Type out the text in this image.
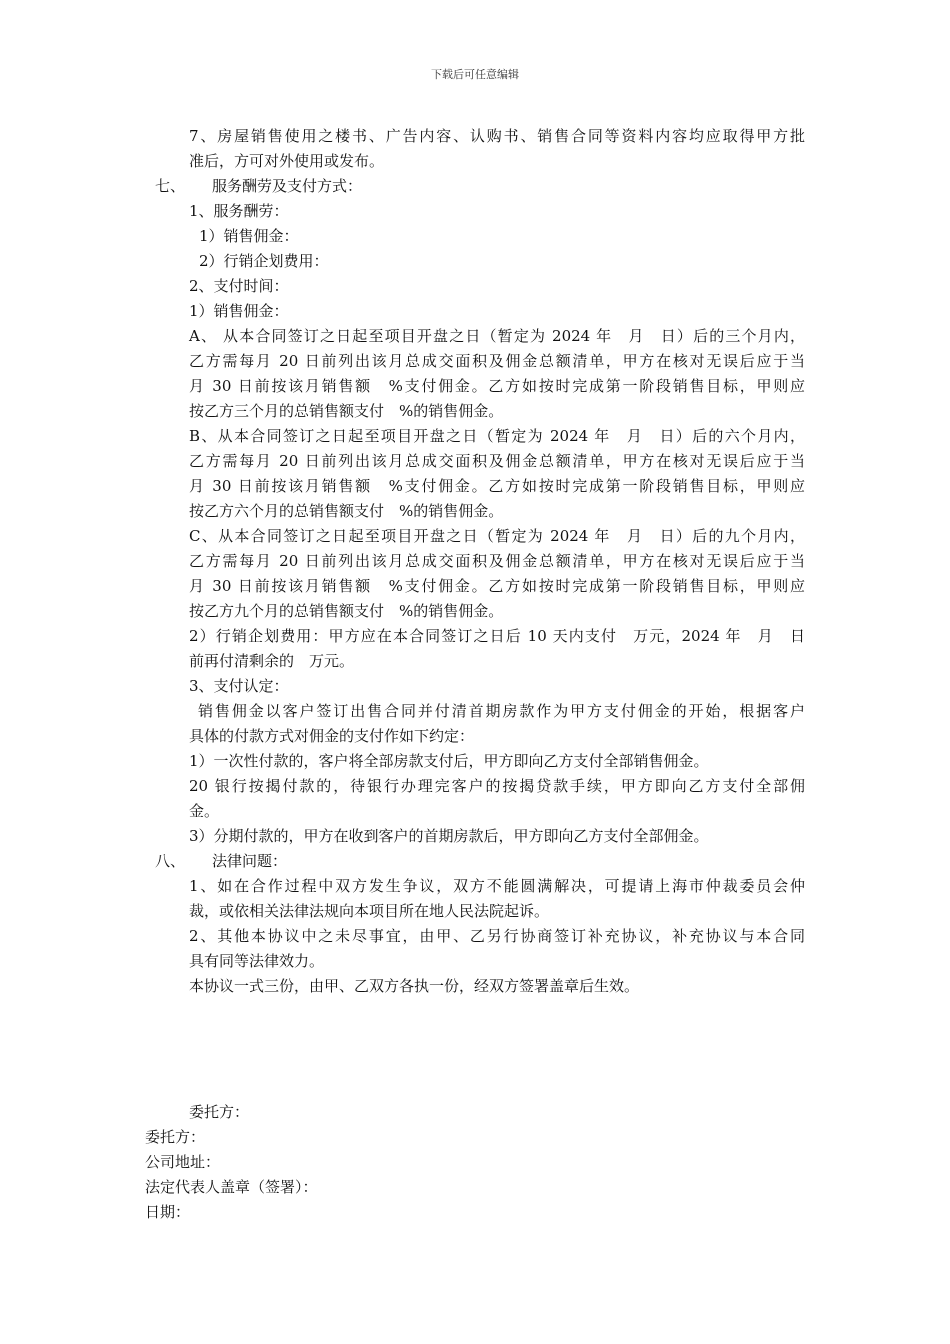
下载后可任意编辑
7、房屋销售使用之楼书、广告内容、认购书、销售合同等资料内容均应取得甲方批
准后，方可对外使用或发布。
七、 服务酬劳及支付方式：
1、服务酬劳：
1）销售佣金：
2）行销企划费用：
2、支付时间：
1）销售佣金：
A、 从本合同签订之日起至项目开盘之日（暂定为 2024 年　月　日）后的三个月内，
乙方需每月 20 日前列出该月总成交面积及佣金总额清单，甲方在核对无误后应于当
月 30 日前按该月销售额　%支付佣金。乙方如按时完成第一阶段销售目标，甲则应
按乙方三个月的总销售额支付　%的销售佣金。
B、从本合同签订之日起至项目开盘之日（暂定为 2024 年　月　日）后的六个月内，
乙方需每月 20 日前列出该月总成交面积及佣金总额清单，甲方在核对无误后应于当
月 30 日前按该月销售额　%支付佣金。乙方如按时完成第一阶段销售目标，甲则应
按乙方六个月的总销售额支付　%的销售佣金。
C、从本合同签订之日起至项目开盘之日（暂定为 2024 年　月　日）后的九个月内，
乙方需每月 20 日前列出该月总成交面积及佣金总额清单，甲方在核对无误后应于当
月 30 日前按该月销售额　%支付佣金。乙方如按时完成第一阶段销售目标，甲则应
按乙方九个月的总销售额支付　%的销售佣金。
2）行销企划费用：甲方应在本合同签订之日后 10 天内支付　万元，2024 年　月　日
前再付清剩余的　万元。
3、支付认定：
销售佣金以客户签订出售合同并付清首期房款作为甲方支付佣金的开始，根据客户
具体的付款方式对佣金的支付作如下约定：
1）一次性付款的，客户将全部房款支付后，甲方即向乙方支付全部销售佣金。
20 银行按揭付款的，待银行办理完客户的按揭贷款手续，甲方即向乙方支付全部佣
金。
3）分期付款的，甲方在收到客户的首期房款后，甲方即向乙方支付全部佣金。
八、 法律问题：
1、如在合作过程中双方发生争议，双方不能圆满解决，可提请上海市仲裁委员会仲
裁，或依相关法律法规向本项目所在地人民法院起诉。
2、其他本协议中之未尽事宜，由甲、乙另行协商签订补充协议，补充协议与本合同
具有同等法律效力。
本协议一式三份，由甲、乙双方各执一份，经双方签署盖章后生效。
委托方：
委托方：
公司地址：
法定代表人盖章（签署）：
日期：
